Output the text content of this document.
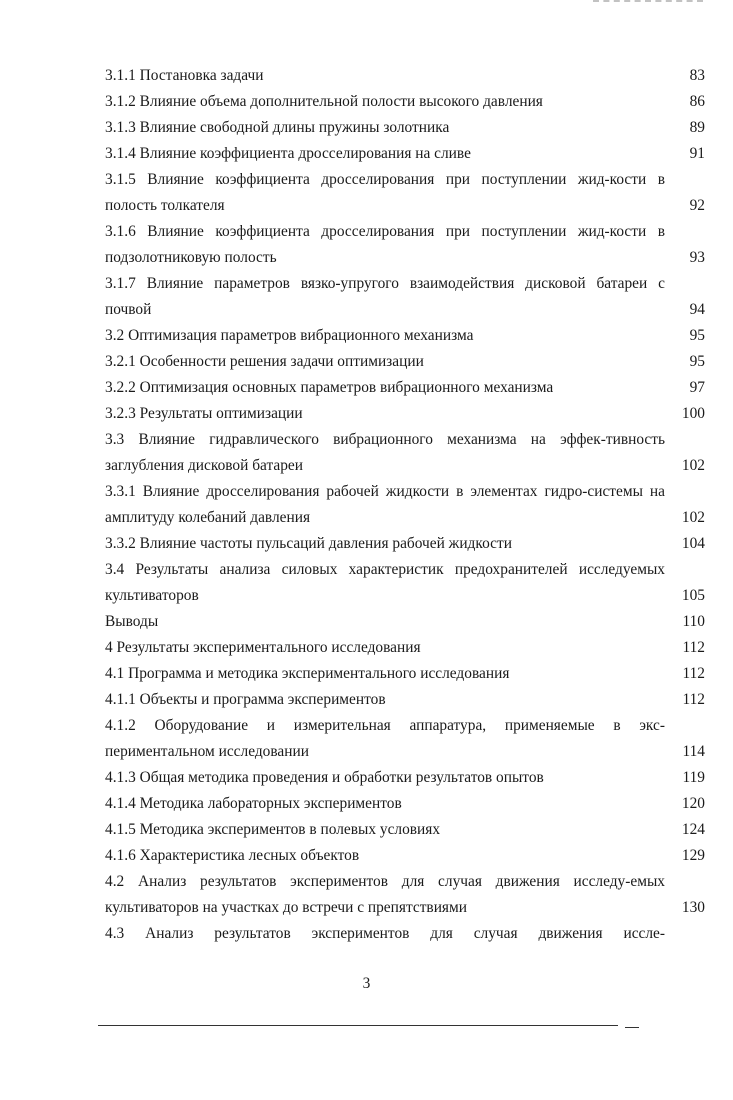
3.1.1 Постановка задачи	83
3.1.2 Влияние объема дополнительной полости высокого давления	86
3.1.3 Влияние свободной длины пружины золотника	89
3.1.4 Влияние коэффициента дросселирования на сливе	91
3.1.5 Влияние коэффициента дросселирования при поступлении жид-кости в полость толкателя	92
3.1.6 Влияние коэффициента дросселирования при поступлении жид-кости в подзолотниковую полость	93
3.1.7 Влияние параметров вязко-упругого взаимодействия дисковой батареи с почвой	94
3.2 Оптимизация параметров вибрационного механизма	95
3.2.1 Особенности решения задачи оптимизации	95
3.2.2 Оптимизация основных параметров вибрационного механизма	97
3.2.3 Результаты оптимизации	100
3.3 Влияние гидравлического вибрационного механизма на эффек-тивность заглубления дисковой батареи	102
3.3.1 Влияние дросселирования рабочей жидкости в элементах гидро-системы на амплитуду колебаний давления	102
3.3.2 Влияние частоты пульсаций давления рабочей жидкости	104
3.4 Результаты анализа силовых характеристик предохранителей исследуемых культиваторов	105
Выводы	110
4 Результаты экспериментального исследования	112
4.1 Программа и методика экспериментального исследования	112
4.1.1 Объекты и программа экспериментов	112
4.1.2 Оборудование и измерительная аппаратура, применяемые в экс-периментальном исследовании	114
4.1.3 Общая методика проведения и обработки результатов опытов	119
4.1.4 Методика лабораторных экспериментов	120
4.1.5 Методика экспериментов в полевых условиях	124
4.1.6 Характеристика лесных объектов	129
4.2 Анализ результатов экспериментов для случая движения исследу-емых культиваторов на участках до встречи с препятствиями	130
4.3 Анализ результатов экспериментов для случая движения иссле-
3
